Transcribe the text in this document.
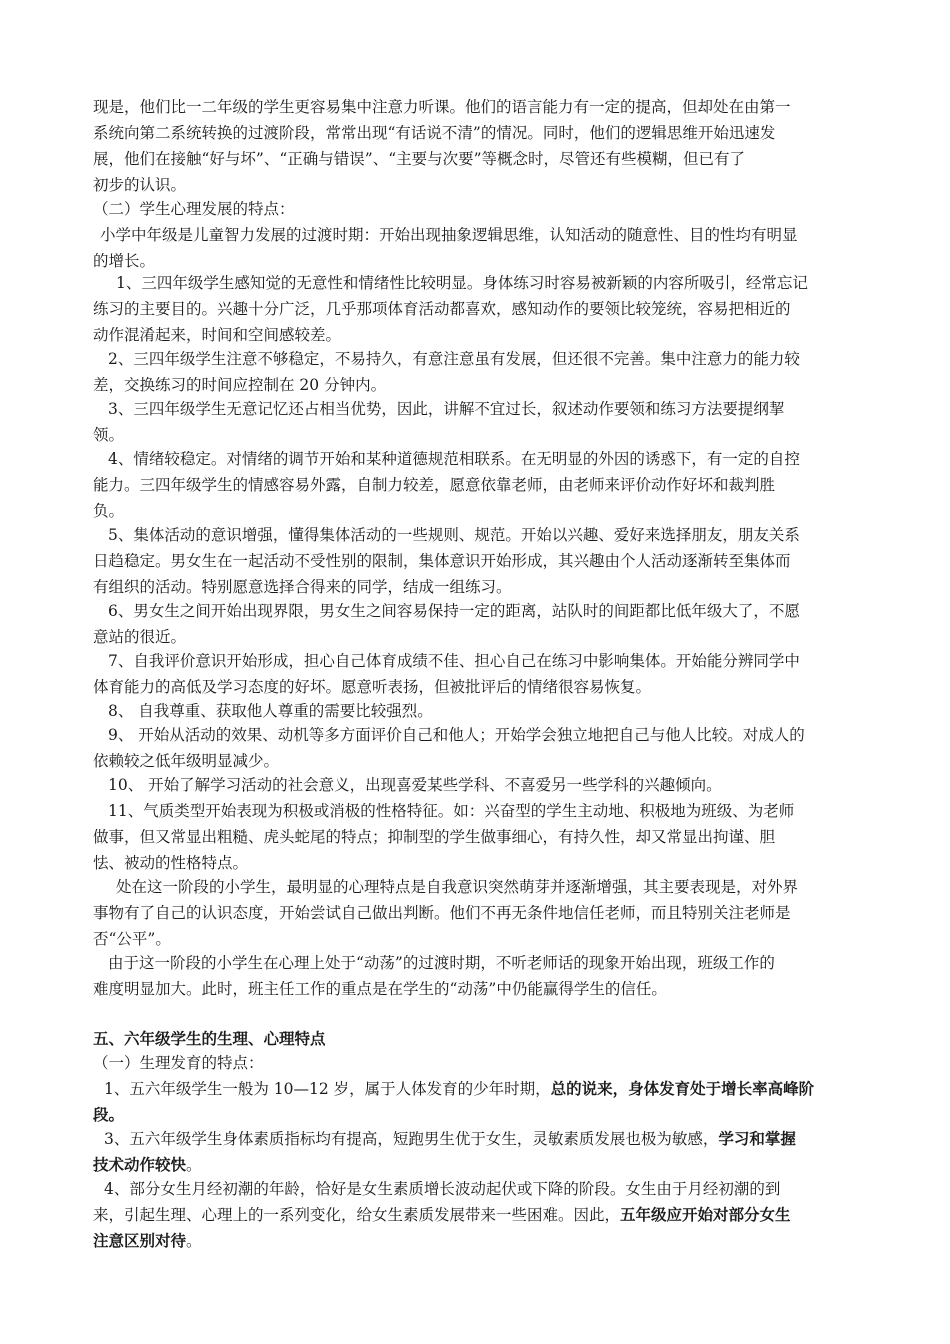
现是，他们比一二年级的学生更容易集中注意力听课。他们的语言能力有一定的提高，但却处在由第一
系统向第二系统转换的过渡阶段，常常出现“有话说不清”的情况。同时，他们的逻辑思维开始迅速发
展，他们在接触“好与坏”、“正确与错误”、“主要与次要”等概念时，尽管还有些模糊，但已有了
初步的认识。
（二）学生心理发展的特点：
小学中年级是儿童智力发展的过渡时期：开始出现抽象逻辑思维，认知活动的随意性、目的性均有明显
的增长。
1、三四年级学生感知觉的无意性和情绪性比较明显。身体练习时容易被新颖的内容所吸引，经常忘记
练习的主要目的。兴趣十分广泛，几乎那项体育活动都喜欢，感知动作的要领比较笼统，容易把相近的
动作混淆起来，时间和空间感较差。
2、三四年级学生注意不够稳定，不易持久，有意注意虽有发展，但还很不完善。集中注意力的能力较
差，交换练习的时间应控制在 20 分钟内。
3、三四年级学生无意记忆还占相当优势，因此，讲解不宜过长，叙述动作要领和练习方法要提纲挈
领。
4、情绪较稳定。对情绪的调节开始和某种道德规范相联系。在无明显的外因的诱惑下，有一定的自控
能力。三四年级学生的情感容易外露，自制力较差，愿意依靠老师，由老师来评价动作好坏和裁判胜
负。
5、集体活动的意识增强，懂得集体活动的一些规则、规范。开始以兴趣、爱好来选择朋友，朋友关系
日趋稳定。男女生在一起活动不受性别的限制，集体意识开始形成，其兴趣由个人活动逐渐转至集体而
有组织的活动。特别愿意选择合得来的同学，结成一组练习。
6、男女生之间开始出现界限，男女生之间容易保持一定的距离，站队时的间距都比低年级大了，不愿
意站的很近。
7、自我评价意识开始形成，担心自己体育成绩不佳、担心自己在练习中影响集体。开始能分辨同学中
体育能力的高低及学习态度的好坏。愿意听表扬，但被批评后的情绪很容易恢复。
8、 自我尊重、获取他人尊重的需要比较强烈。
9、 开始从活动的效果、动机等多方面评价自己和他人；开始学会独立地把自己与他人比较。对成人的
依赖较之低年级明显减少。
10、 开始了解学习活动的社会意义，出现喜爱某些学科、不喜爱另一些学科的兴趣倾向。
11、气质类型开始表现为积极或消极的性格特征。如：兴奋型的学生主动地、积极地为班级、为老师
做事，但又常显出粗糙、虎头蛇尾的特点；抑制型的学生做事细心，有持久性，却又常显出拘谨、胆
怯、被动的性格特点。
处在这一阶段的小学生，最明显的心理特点是自我意识突然萌芽并逐渐增强，其主要表现是，对外界
事物有了自己的认识态度，开始尝试自己做出判断。他们不再无条件地信任老师，而且特别关注老师是
否“公平”。
由于这一阶段的小学生在心理上处于“动荡”的过渡时期，不听老师话的现象开始出现，班级工作的
难度明显加大。此时，班主任工作的重点是在学生的“动荡”中仍能赢得学生的信任。
五、六年级学生的生理、心理特点
（一）生理发育的特点：
1、五六年级学生一般为 10—12 岁，属于人体发育的少年时期，总的说来，身体发育处于增长率高峰阶
段。
3、五六年级学生身体素质指标均有提高，短跑男生优于女生，灵敏素质发展也极为敏感，学习和掌握
技术动作较快。
4、部分女生月经初潮的年龄，恰好是女生素质增长波动起伏或下降的阶段。女生由于月经初潮的到
来，引起生理、心理上的一系列变化，给女生素质发展带来一些困难。因此，五年级应开始对部分女生
注意区别对待。
